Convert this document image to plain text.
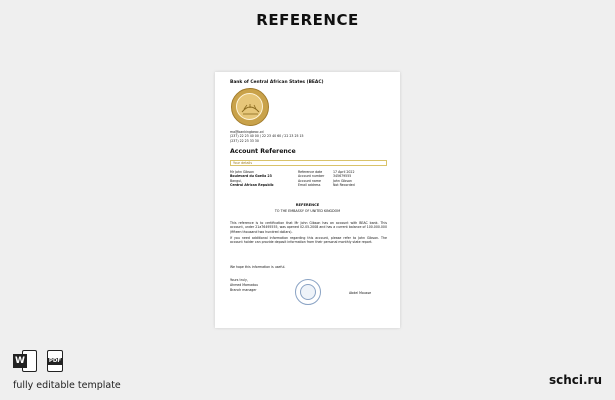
REFERENCE
Bank of Central African States (BEAC)
ma@bankingbeac.cd
(237) 22 23 40 00 / 22 23 40 60 / 22 23 25 15
(237) 22 23 33 30
Account Reference
Your details
Mr John Gibson
Boulevard du Goella 23
Bangui,
Central African Republic
Reference date	17 April 2022
Account number	345679555
Account name	John Gibson
Email address	Not Recorded
REFERENCE
TO THE EMBASSY OF UNITED KINGDOM

This reference is to certification that Mr John Gibson has an account with BEAC bank. This account, under 21a76495555, was opened 02.05.2008 and has a current balance of 100.000.000 (fifteen thousand two hundred dollars).

If you need additional information regarding this account, please refer to John Gibson. The account holder can provide deposit information from their personal monthly state report.

We hope this information is useful.
Yours truly,
Ahmed Mamadou
Branch manager
Abdel Mousse
W	PDF
fully editable template	schci.ru
